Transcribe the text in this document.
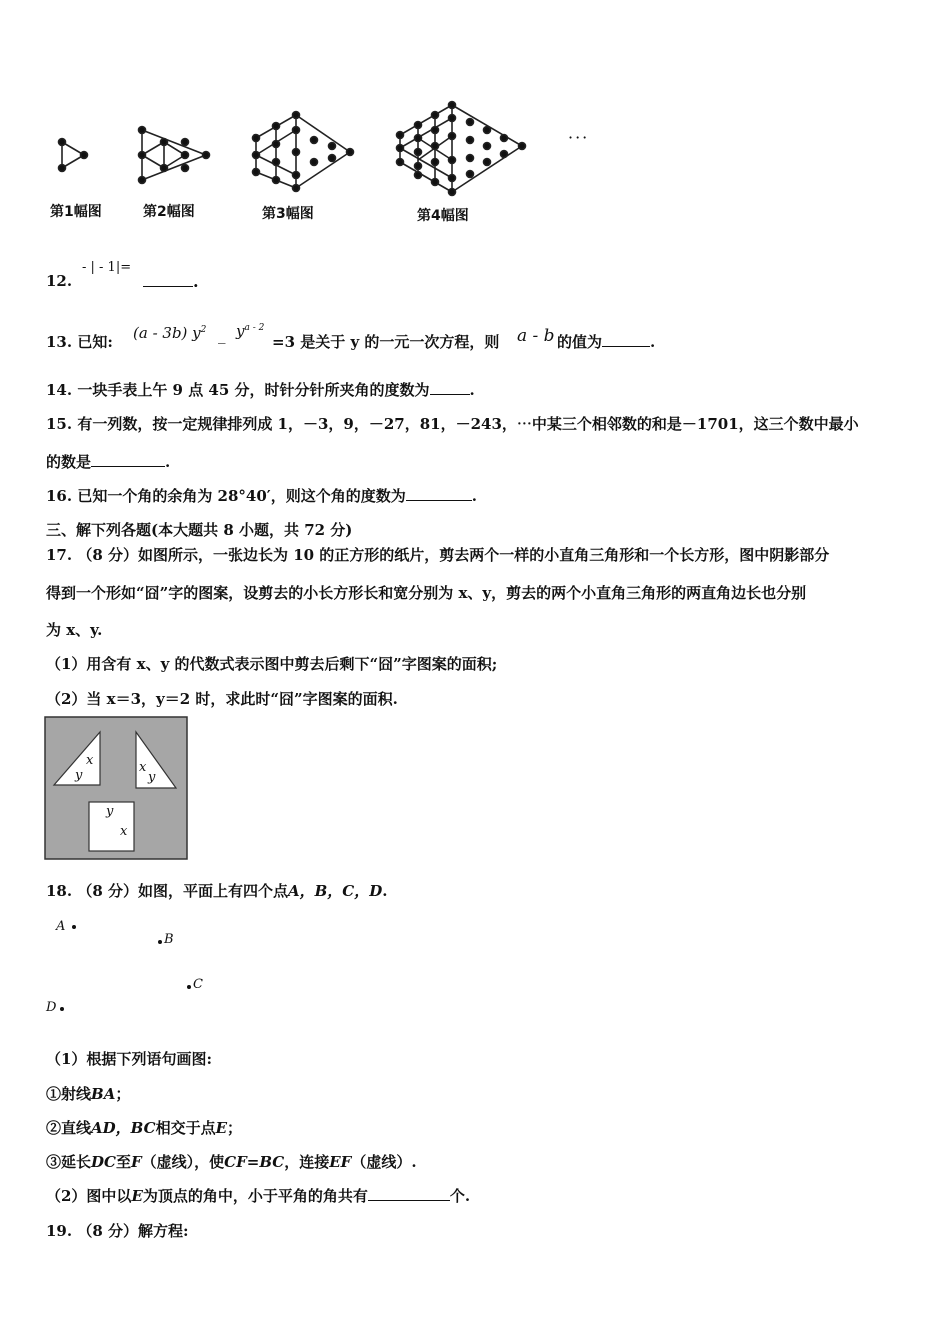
···
第1幅图	第2幅图	第3幅图	第4幅图
12.
- | - 1|=
.
13. 已知: (a - 3b) $y^2$ _ $y^{a - 2}$
=3 是关于 y 的一元一次方程，则 a - b 的值为	.
14. 一块手表上午 9 点 45 分，时针分针所夹角的度数为	.
15. 有一列数，按一定规律排列成 1，－3，9，－27，81，－243，⋯中某三个相邻数的和是－1701，这三个数中最小
的数是	.
16. 已知一个角的余角为 28°40′，则这个角的度数为	.
三、解下列各题(本大题共 8 小题，共 72 分)
17. （8 分）如图所示，一张边长为 10 的正方形的纸片，剪去两个一样的小直角三角形和一个长方形，图中阴影部分
得到一个形如“囧”字的图案，设剪去的小长方形长和宽分别为 x、y，剪去的两个小直角三角形的两直角边长也分别
为 x、y.
（1）用含有 x、y 的代数式表示图中剪去后剩下“囧”字图案的面积;
（2）当 x＝3，y＝2 时，求此时“囧”字图案的面积.
x
y
x
y
y
x
18. （8 分）如图，平面上有四个点A，B，C，D.
A
B
C
D
（1）根据下列语句画图:
①射线BA；
②直线AD，BC相交于点E；
③延长DC至F（虚线），使CF=BC，连接EF（虚线）.
（2）图中以E为顶点的角中，小于平角的角共有	个.
19. （8 分）解方程:
